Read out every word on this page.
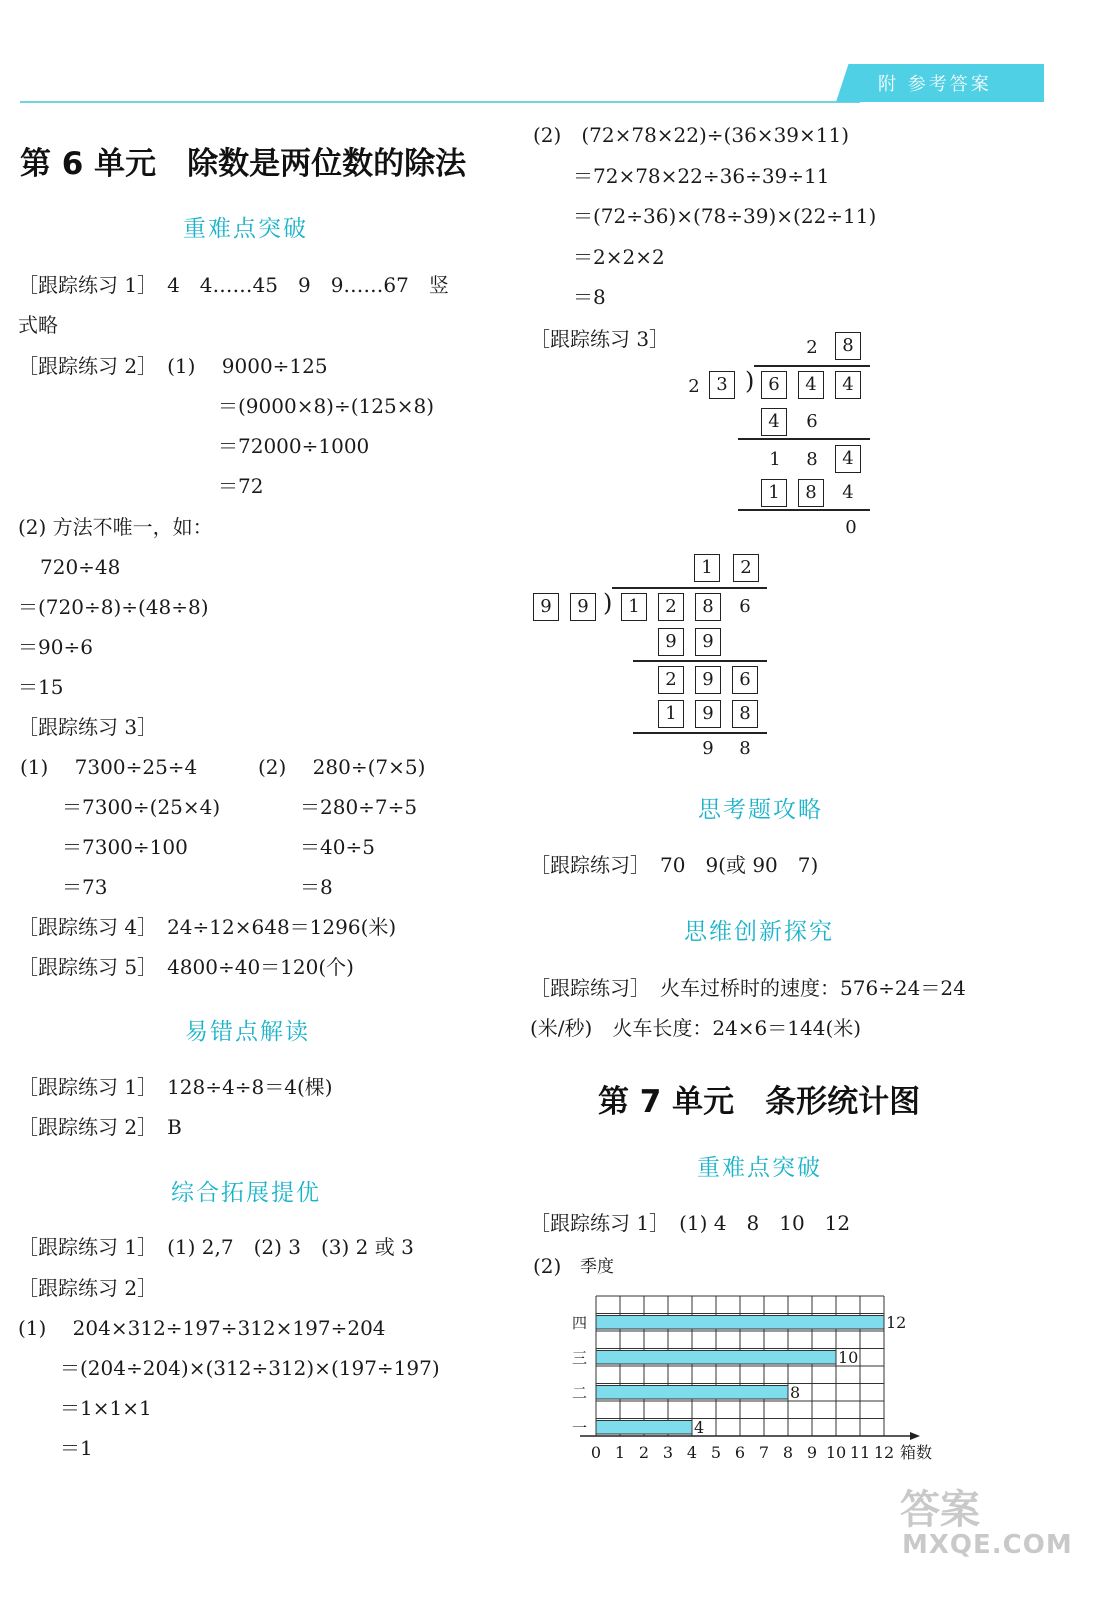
附 参考答案
第 6 单元　除数是两位数的除法
重难点突破
［跟踪练习 1］　4　4……45　9　9……67　竖
式略
［跟踪练习 2］　(1)　 9000÷125
＝(9000×8)÷(125×8)
＝72000÷1000
＝72
(2) 方法不唯一，如：
720÷48
＝(720÷8)÷(48÷8)
＝90÷6
＝15
［跟踪练习 3］
(1)　 7300÷25÷4
＝7300÷(25×4)
＝7300÷100
＝73
(2)　 280÷(7×5)
＝280÷7÷5
＝40÷5
＝8
［跟踪练习 4］　24÷12×648＝1296(米)
［跟踪练习 5］　4800÷40＝120(个)
易错点解读
［跟踪练习 1］　128÷4÷8＝4(棵)
［跟踪练习 2］　B
综合拓展提优
［跟踪练习 1］　(1) 2,7　(2) 3　(3) 2 或 3
［跟踪练习 2］
(1)　 204×312÷197÷312×197÷204
＝(204÷204)×(312÷312)×(197÷197)
＝1×1×1
＝1
(2)　(72×78×22)÷(36×39×11)
＝72×78×22÷36÷39÷11
＝(72÷36)×(78÷39)×(22÷11)
＝2×2×2
＝8
［跟踪练习 3］	2	8
2 3 ) 6	4	4
4	6
1	8	4
1	8	4
0
1	2
9	9 ) 1	2	8	6
9	9
2	9	6
1	9	8
9	8
思考题攻略
［跟踪练习］　70　9(或 90　7)
思维创新探究
［跟踪练习］　火车过桥时的速度：576÷24＝24
(米/秒)　火车长度：24×6＝144(米)
第 7 单元　条形统计图
重难点突破
［跟踪练习 1］　(1) 4　8　10　12
(2) 季度
4
一
8
二
10
三
12
四
0 1 2 3 4 5 6 7 8 9 10 11 12 箱数
答案
MXQE.COM
